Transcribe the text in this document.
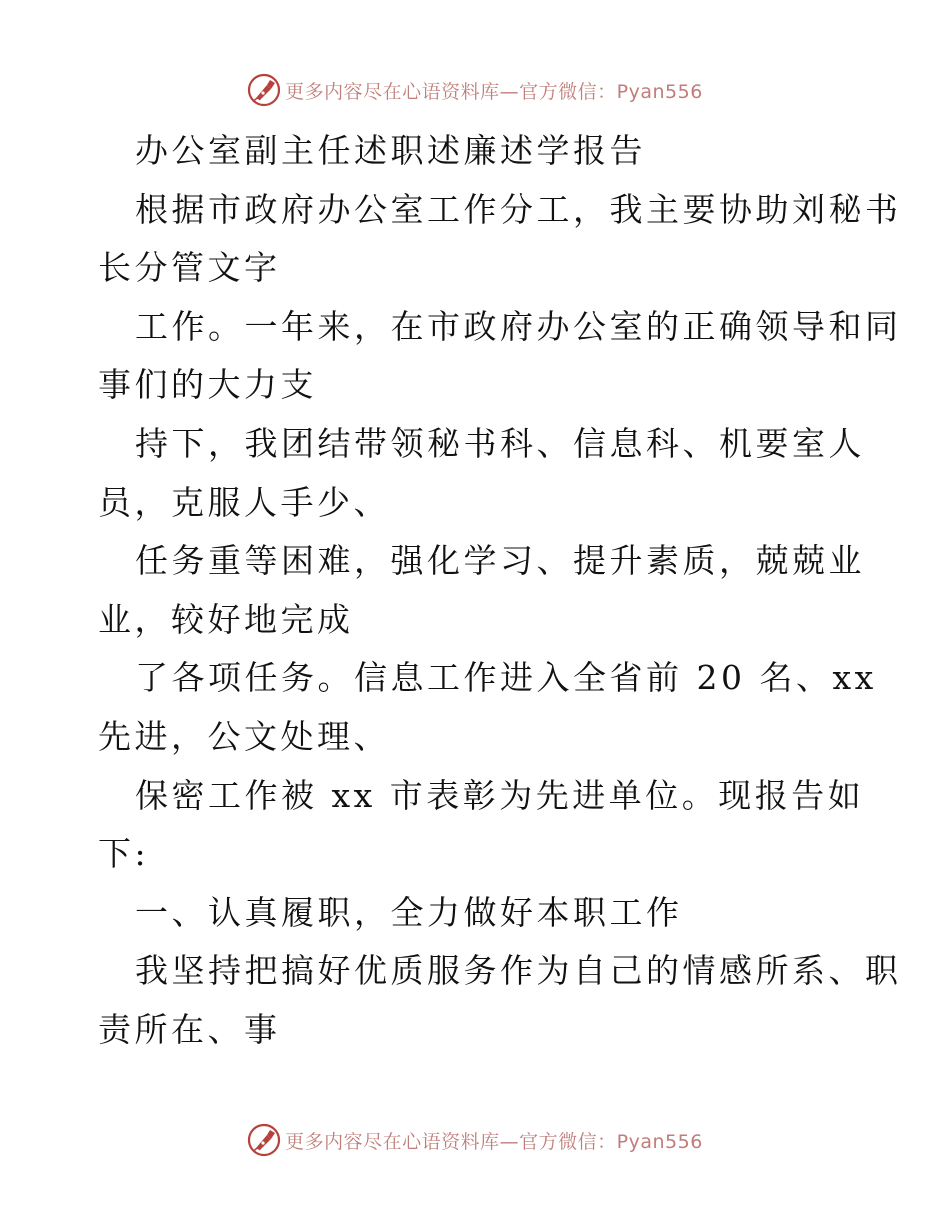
更多内容尽在心语资料库—官方微信：Pyan556
办公室副主任述职述廉述学报告
根据市政府办公室工作分工，我主要协助刘秘书
长分管文字
工作。一年来，在市政府办公室的正确领导和同
事们的大力支
持下，我团结带领秘书科、信息科、机要室人
员，克服人手少、
任务重等困难，强化学习、提升素质，兢兢业
业，较好地完成
了各项任务。信息工作进入全省前 20 名、xx
先进，公文处理、
保密工作被 xx 市表彰为先进单位。现报告如
下:
一、认真履职，全力做好本职工作
我坚持把搞好优质服务作为自己的情感所系、职
责所在、事
更多内容尽在心语资料库—官方微信：Pyan556
